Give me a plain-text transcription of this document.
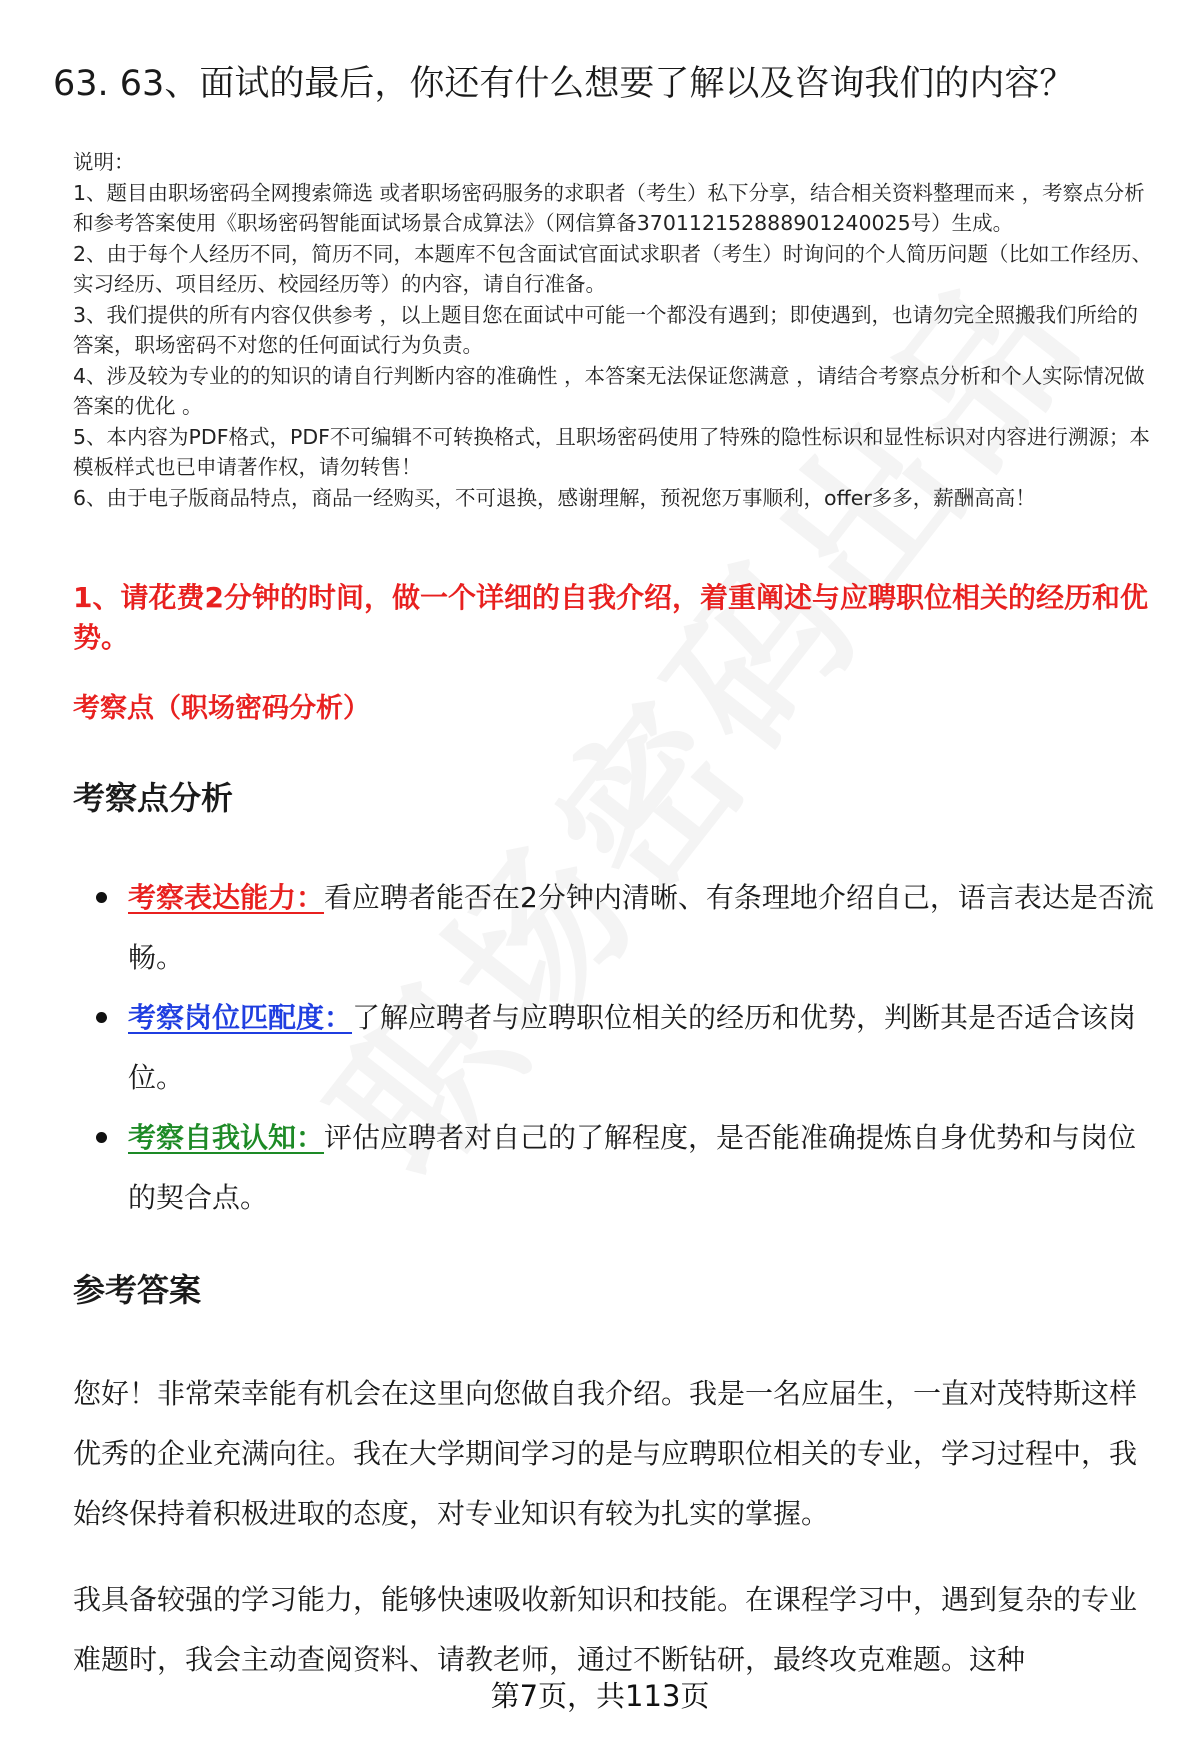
63. 63、面试的最后，你还有什么想要了解以及咨询我们的内容？

说明：

1、题目由职场密码全网搜索筛选 或者职场密码服务的求职者（考生）私下分享，结合相关资料整理而来 ，考察点分析和参考答案使用《职场密码智能面试场景合成算法》（网信算备370112152888901240025号）生成。

2、由于每个人经历不同，简历不同，本题库不包含面试官面试求职者（考生）时询问的个人简历问题（比如工作经历、实习经历、项目经历、校园经历等）的内容，请自行准备。

3、我们提供的所有内容仅供参考 ，以上题目您在面试中可能一个都没有遇到；即使遇到，也请勿完全照搬我们所给的答案，职场密码不对您的任何面试行为负责。

4、涉及较为专业的的知识的请自行判断内容的准确性 ，本答案无法保证您满意 ，请结合考察点分析和个人实际情况做答案的优化 。

5、本内容为PDF格式，PDF不可编辑不可转换格式，且职场密码使用了特殊的隐性标识和显性标识对内容进行溯源；本模板样式也已申请著作权，请勿转售！

6、由于电子版商品特点，商品一经购买，不可退换，感谢理解，预祝您万事顺利，offer多多，薪酬高高！

1、请花费2分钟的时间，做一个详细的自我介绍，着重阐述与应聘职位相关的经历和优势。
考察点（职场密码分析）
考察点分析
考察表达能力：看应聘者能否在2分钟内清晰、有条理地介绍自己，语言表达是否流畅。
考察岗位匹配度：了解应聘者与应聘职位相关的经历和优势，判断其是否适合该岗位。
考察自我认知：评估应聘者对自己的了解程度，是否能准确提炼自身优势和与岗位的契合点。
参考答案

您好！非常荣幸能有机会在这里向您做自我介绍。我是一名应届生，一直对茂特斯这样优秀的企业充满向往。我在大学期间学习的是与应聘职位相关的专业，学习过程中，我始终保持着积极进取的态度，对专业知识有较为扎实的掌握。

我具备较强的学习能力，能够快速吸收新知识和技能。在课程学习中，遇到复杂的专业难题时，我会主动查阅资料、请教老师，通过不断钻研，最终攻克难题。这种

第7页，共113页
